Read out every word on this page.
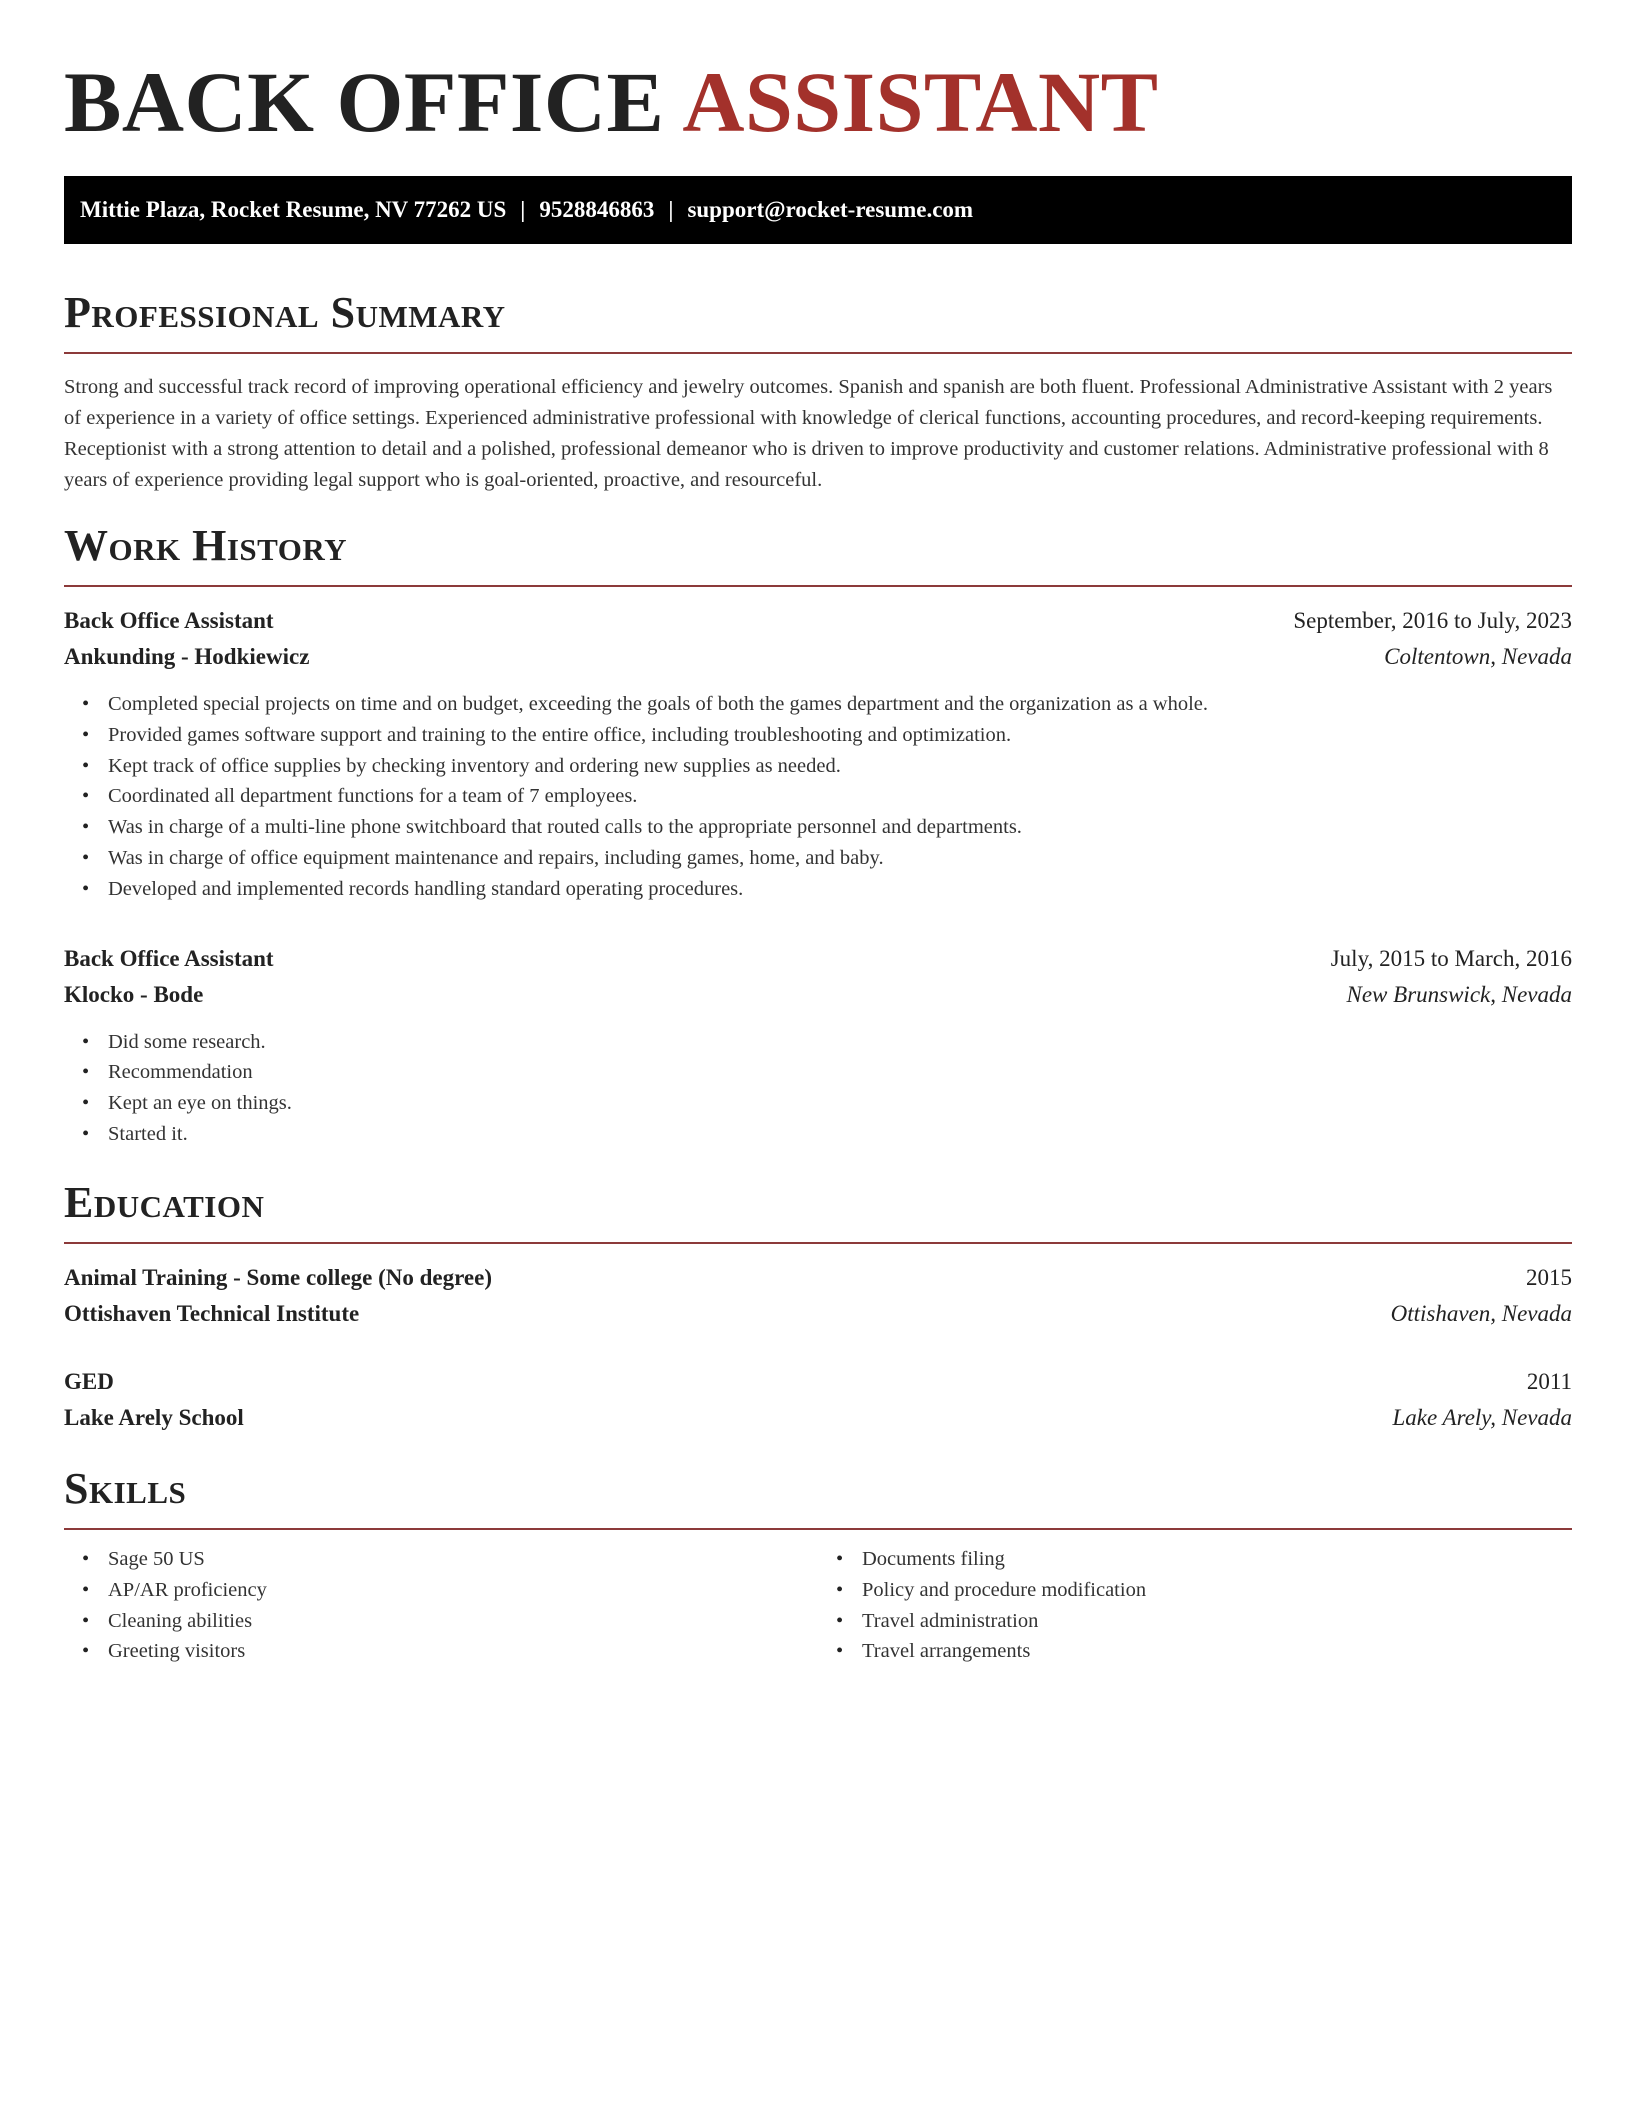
BACK OFFICE ASSISTANT
Mittie Plaza, Rocket Resume, NV 77262 US | 9528846863 | support@rocket-resume.com
Professional Summary

Strong and successful track record of improving operational efficiency and jewelry outcomes. Spanish and spanish are both fluent. Professional Administrative Assistant with 2 years of experience in a variety of office settings. Experienced administrative professional with knowledge of clerical functions, accounting procedures, and record-keeping requirements. Receptionist with a strong attention to detail and a polished, professional demeanor who is driven to improve productivity and customer relations. Administrative professional with 8 years of experience providing legal support who is goal-oriented, proactive, and resourceful.

Work History
Back Office Assistant	September, 2016 to July, 2023
Ankunding - Hodkiewicz	Coltentown, Nevada
• Completed special projects on time and on budget, exceeding the goals of both the games department and the organization as a whole.
• Provided games software support and training to the entire office, including troubleshooting and optimization.
• Kept track of office supplies by checking inventory and ordering new supplies as needed.
• Coordinated all department functions for a team of 7 employees.
• Was in charge of a multi-line phone switchboard that routed calls to the appropriate personnel and departments.
• Was in charge of office equipment maintenance and repairs, including games, home, and baby.
• Developed and implemented records handling standard operating procedures.
Back Office Assistant	July, 2015 to March, 2016
Klocko - Bode	New Brunswick, Nevada
• Did some research.
• Recommendation
• Kept an eye on things.
• Started it.
Education
Animal Training - Some college (No degree)	2015
Ottishaven Technical Institute	Ottishaven, Nevada
GED	2011
Lake Arely School	Lake Arely, Nevada
Skills
• Sage 50 US
• AP/AR proficiency
• Cleaning abilities
• Greeting visitors
• Documents filing
• Policy and procedure modification
• Travel administration
• Travel arrangements
